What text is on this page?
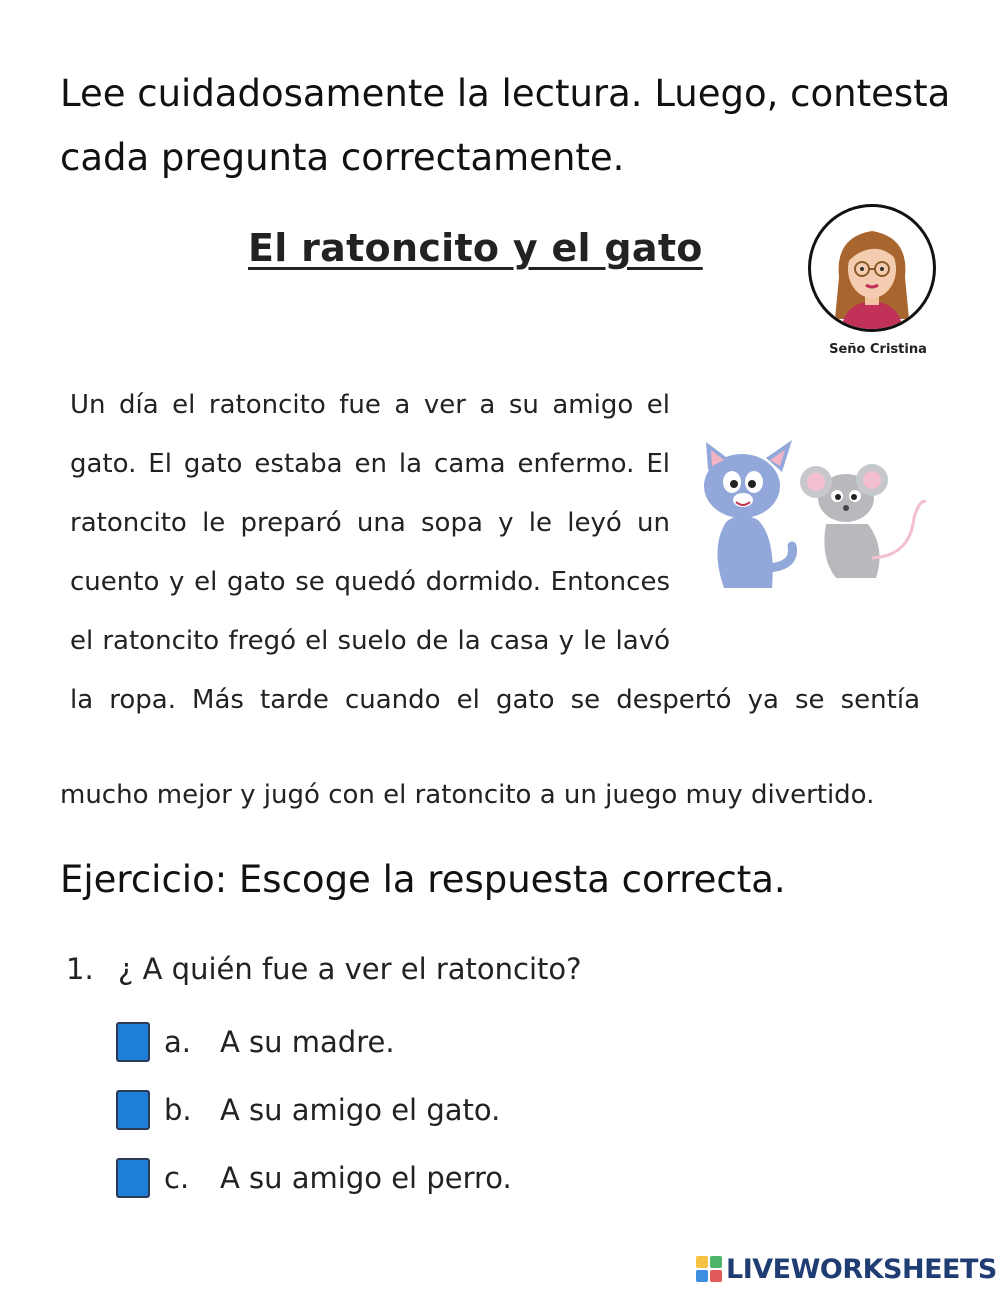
Lee cuidadosamente la lectura. Luego, contesta cada pregunta correctamente.
El ratoncito y el gato
Seño Cristina
Un día el ratoncito fue a ver a su amigo el
gato. El gato estaba en la cama enfermo. El
ratoncito le preparó una sopa y le leyó un
cuento y el gato se quedó dormido. Entonces
el ratoncito fregó el suelo de la casa y le lavó
la ropa. Más tarde cuando el gato se despertó ya se sentía
mucho mejor y jugó con el ratoncito a un juego muy divertido.
Ejercicio: Escoge la respuesta correcta.
1. ¿ A quién fue a ver el ratoncito?
a.	A su madre.
b. A su amigo el gato.
c.	A su amigo el perro.
LIVEWORKSHEETS
